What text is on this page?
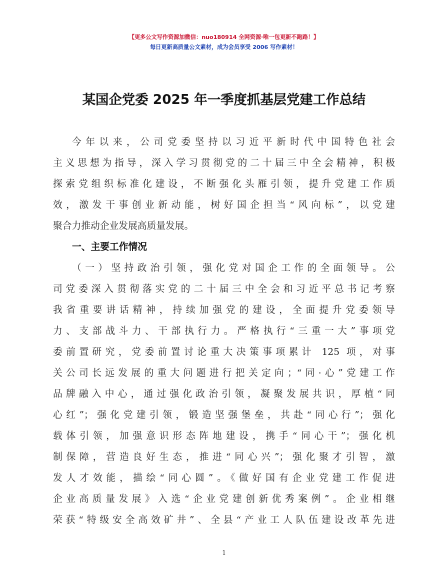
【更多公文写作资源加微信：nuo180914 全网资源·唯一包更新不跑路！】
每日更新高质量公文素材，成为会员享受 2006 写作素材！
某国企党委 2025 年一季度抓基层党建工作总结
今年以来，公司党委坚持以习近平新时代中国特色社会
主义思想为指导，深入学习贯彻党的二十届三中全会精神，积极
探索党组织标准化建设，不断强化头雁引领，提升党建工作质
效，激发干事创业新动能，树好国企担当“风向标”，以党建
聚合力推动企业发展高质量发展。
一、主要工作情况
（一）坚持政治引领，强化党对国企工作的全面领导。公
司党委深入贯彻落实党的二十届三中全会和习近平总书记考察
我省重要讲话精神，持续加强党的建设，全面提升党委领导
力、支部战斗力、干部执行力。严格执行“三重一大”事项党
委前置研究，党委前置讨论重大决策事项累计 125 项，对事
关公司长远发展的重大问题进行把关定向；“同·心”党建工作
品牌融入中心，通过强化政治引领，凝聚发展共识，厚植“同
心红”；强化党建引领，锻造坚强堡垒，共赴“同心行”；强化
载体引领，加强意识形态阵地建设，携手“同心干”；强化机
制保障，营造良好生态，推进“同心兴”；强化聚才引智，激
发人才效能，描绘“同心圆”。《做好国有企业党建工作促进
企业高质量发展》入选“企业党建创新优秀案例”。企业相继
荣获“特级安全高效矿井”、全县“产业工人队伍建设改革先进
1
